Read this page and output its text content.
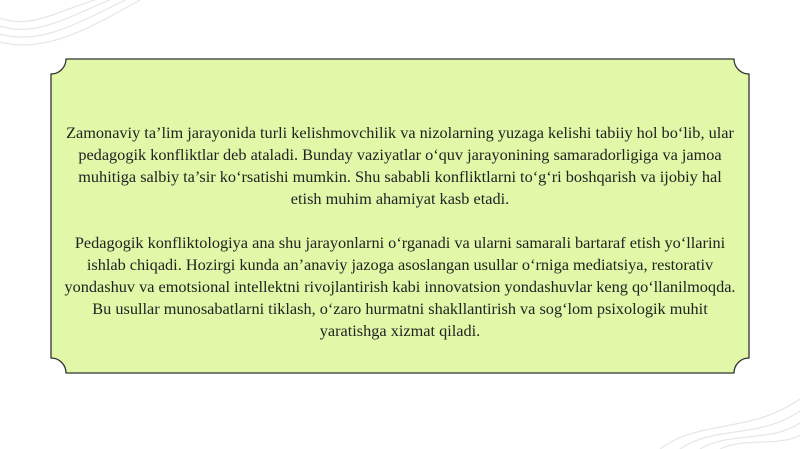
Zamonaviy ta’lim jarayonida turli kelishmovchilik va nizolarning yuzaga kelishi tabiiy hol bo‘lib, ular pedagogik konfliktlar deb ataladi. Bunday vaziyatlar o‘quv jarayonining samaradorligiga va jamoa muhitiga salbiy ta’sir ko‘rsatishi mumkin. Shu sababli konfliktlarni to‘g‘ri boshqarish va ijobiy hal etish muhim ahamiyat kasb etadi.

Pedagogik konfliktologiya ana shu jarayonlarni o‘rganadi va ularni samarali bartaraf etish yo‘llarini ishlab chiqadi. Hozirgi kunda an’anaviy jazoga asoslangan usullar o‘rniga mediatsiya, restorativ yondashuv va emotsional intellektni rivojlantirish kabi innovatsion yondashuvlar keng qo‘llanilmoqda. Bu usullar munosabatlarni tiklash, o‘zaro hurmatni shakllantirish va sog‘lom psixologik muhit yaratishga xizmat qiladi.
